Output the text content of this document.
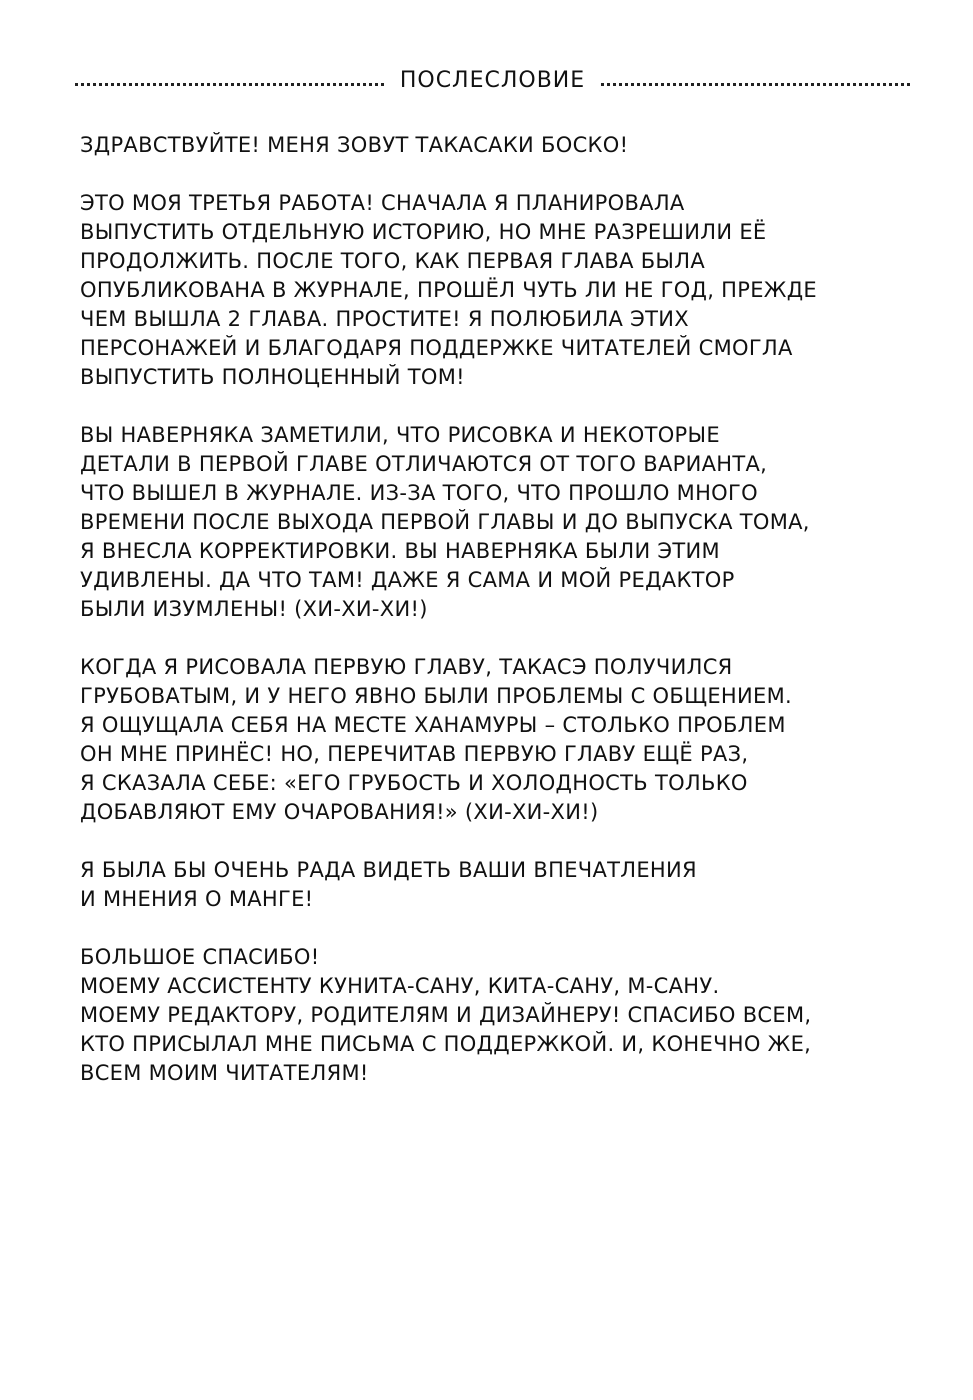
ПОСЛЕСЛОВИЕ
ЗДРАВСТВУЙТЕ! МЕНЯ ЗОВУТ ТАКАСАКИ БОСКО!
ЭТО МОЯ ТРЕТЬЯ РАБОТА! СНАЧАЛА Я ПЛАНИРОВАЛА
ВЫПУСТИТЬ ОТДЕЛЬНУЮ ИСТОРИЮ, НО МНЕ РАЗРЕШИЛИ ЕЁ
ПРОДОЛЖИТЬ. ПОСЛЕ ТОГО, КАК ПЕРВАЯ ГЛАВА БЫЛА
ОПУБЛИКОВАНА В ЖУРНАЛЕ, ПРОШЁЛ ЧУТЬ ЛИ НЕ ГОД, ПРЕЖДЕ
ЧЕМ ВЫШЛА 2 ГЛАВА. ПРОСТИТЕ! Я ПОЛЮБИЛА ЭТИХ
ПЕРСОНАЖЕЙ И БЛАГОДАРЯ ПОДДЕРЖКЕ ЧИТАТЕЛЕЙ СМОГЛА
ВЫПУСТИТЬ ПОЛНОЦЕННЫЙ ТОМ!
ВЫ НАВЕРНЯКА ЗАМЕТИЛИ, ЧТО РИСОВКА И НЕКОТОРЫЕ
ДЕТАЛИ В ПЕРВОЙ ГЛАВЕ ОТЛИЧАЮТСЯ ОТ ТОГО ВАРИАНТА,
ЧТО ВЫШЕЛ В ЖУРНАЛЕ. ИЗ-ЗА ТОГО, ЧТО ПРОШЛО МНОГО
ВРЕМЕНИ ПОСЛЕ ВЫХОДА ПЕРВОЙ ГЛАВЫ И ДО ВЫПУСКА ТОМА,
Я ВНЕСЛА КОРРЕКТИРОВКИ. ВЫ НАВЕРНЯКА БЫЛИ ЭТИМ
УДИВЛЕНЫ. ДА ЧТО ТАМ! ДАЖЕ Я САМА И МОЙ РЕДАКТОР
БЫЛИ ИЗУМЛЕНЫ! (ХИ-ХИ-ХИ!)
КОГДА Я РИСОВАЛА ПЕРВУЮ ГЛАВУ, ТАКАСЭ ПОЛУЧИЛСЯ
ГРУБОВАТЫМ, И У НЕГО ЯВНО БЫЛИ ПРОБЛЕМЫ С ОБЩЕНИЕМ.
Я ОЩУЩАЛА СЕБЯ НА МЕСТЕ ХАНАМУРЫ – СТОЛЬКО ПРОБЛЕМ
ОН МНЕ ПРИНЁС! НО, ПЕРЕЧИТАВ ПЕРВУЮ ГЛАВУ ЕЩЁ РАЗ,
Я СКАЗАЛА СЕБЕ: «ЕГО ГРУБОСТЬ И ХОЛОДНОСТЬ ТОЛЬКО
ДОБАВЛЯЮТ ЕМУ ОЧАРОВАНИЯ!» (ХИ-ХИ-ХИ!)
Я БЫЛА БЫ ОЧЕНЬ РАДА ВИДЕТЬ ВАШИ ВПЕЧАТЛЕНИЯ
И МНЕНИЯ О МАНГЕ!
БОЛЬШОЕ СПАСИБО!
МОЕМУ АССИСТЕНТУ КУНИТА-САНУ, КИТА-САНУ, М-САНУ.
МОЕМУ РЕДАКТОРУ, РОДИТЕЛЯМ И ДИЗАЙНЕРУ! СПАСИБО ВСЕМ,
КТО ПРИСЫЛАЛ МНЕ ПИСЬМА С ПОДДЕРЖКОЙ. И, КОНЕЧНО ЖЕ,
ВСЕМ МОИМ ЧИТАТЕЛЯМ!
